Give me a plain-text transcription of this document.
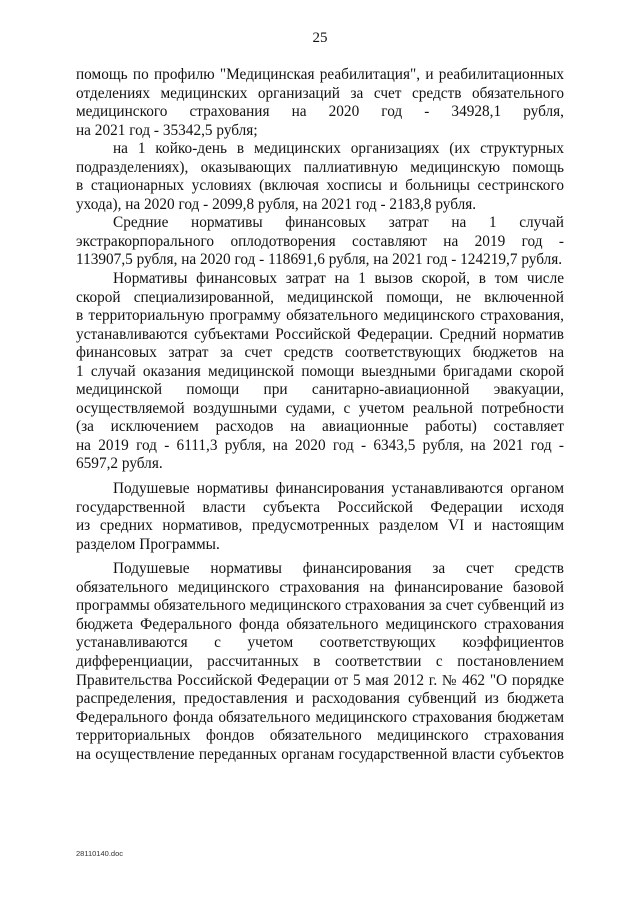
25
помощь по профилю "Медицинская реабилитация", и реабилитационных
отделениях медицинских организаций за счет средств обязательного
медицинского страхования на 2020 год - 34928,1 рубля,
на 2021 год - 35342,5 рубля;
на 1 койко-день в медицинских организациях (их структурных
подразделениях), оказывающих паллиативную медицинскую помощь
в стационарных условиях (включая хосписы и больницы сестринского
ухода), на 2020 год - 2099,8 рубля, на 2021 год - 2183,8 рубля.
Средние нормативы финансовых затрат на 1 случай
экстракорпорального оплодотворения составляют на 2019 год -
113907,5 рубля, на 2020 год - 118691,6 рубля, на 2021 год - 124219,7 рубля.
Нормативы финансовых затрат на 1 вызов скорой, в том числе
скорой специализированной, медицинской помощи, не включенной
в территориальную программу обязательного медицинского страхования,
устанавливаются субъектами Российской Федерации. Средний норматив
финансовых затрат за счет средств соответствующих бюджетов на
1 случай оказания медицинской помощи выездными бригадами скорой
медицинской помощи при санитарно-авиационной эвакуации,
осуществляемой воздушными судами, с учетом реальной потребности
(за исключением расходов на авиационные работы) составляет
на 2019 год - 6111,3 рубля, на 2020 год - 6343,5 рубля, на 2021 год -
6597,2 рубля.
Подушевые нормативы финансирования устанавливаются органом
государственной власти субъекта Российской Федерации исходя
из средних нормативов, предусмотренных разделом VI и настоящим
разделом Программы.
Подушевые нормативы финансирования за счет средств
обязательного медицинского страхования на финансирование базовой
программы обязательного медицинского страхования за счет субвенций из
бюджета Федерального фонда обязательного медицинского страхования
устанавливаются с учетом соответствующих коэффициентов
дифференциации, рассчитанных в соответствии с постановлением
Правительства Российской Федерации от 5 мая 2012 г. № 462 "О порядке
распределения, предоставления и расходования субвенций из бюджета
Федерального фонда обязательного медицинского страхования бюджетам
территориальных фондов обязательного медицинского страхования
на осуществление переданных органам государственной власти субъектов
28110140.doc
